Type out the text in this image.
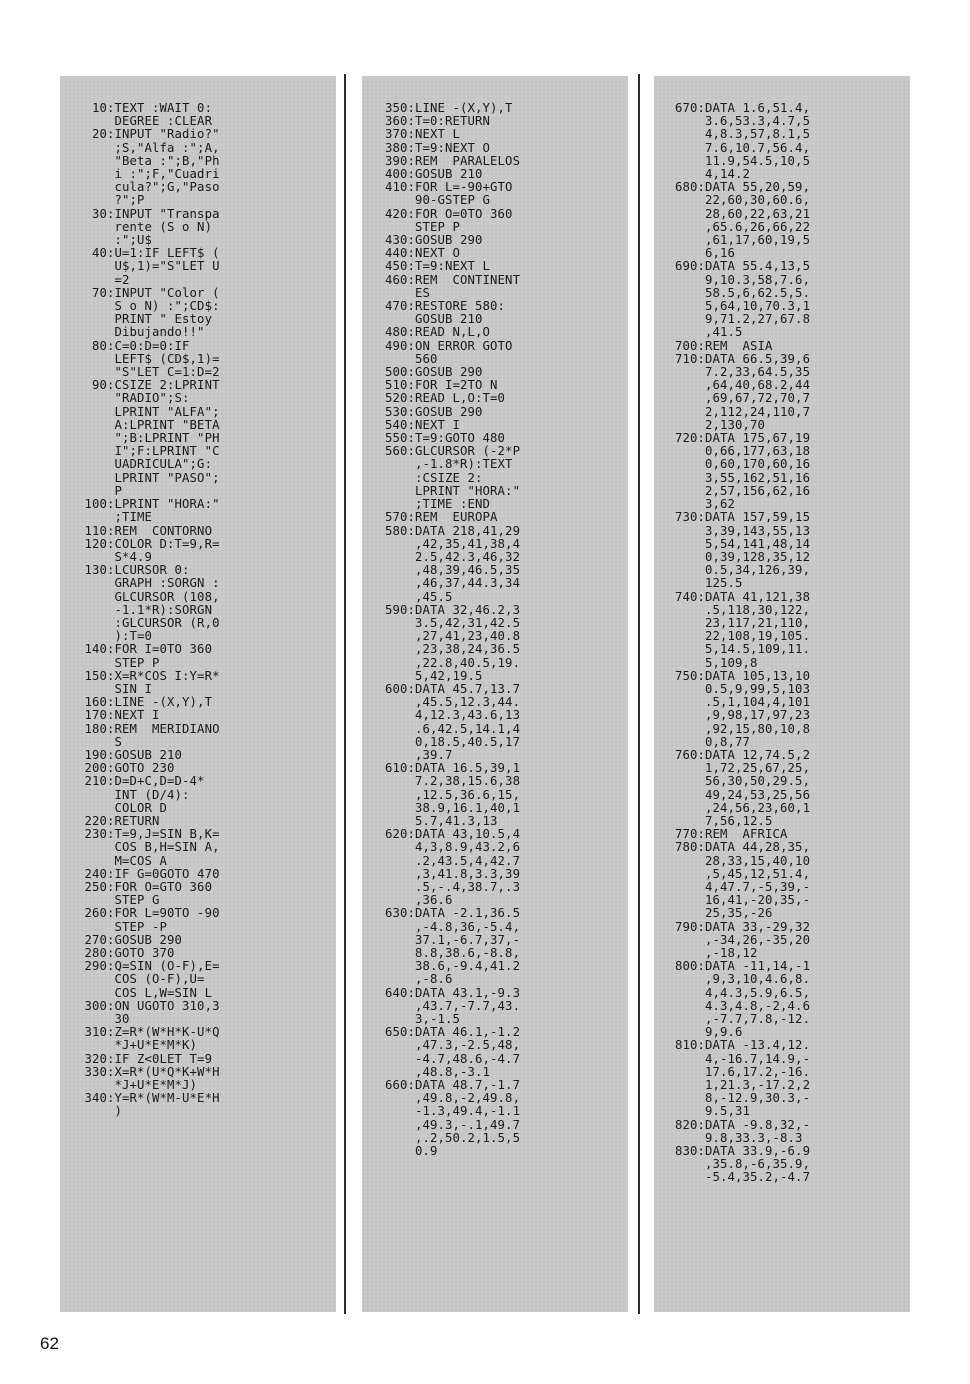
10:TEXT :WAIT 0:
DEGREE :CLEAR
20:INPUT "Radio?"
;S,"Alfa :";A,
"Beta :";B,"Ph
i :";F,"Cuadri
cula?";G,"Paso
?";P
30:INPUT "Transpa
rente (S o N)
:";U$
40:U=1:IF LEFT$ (
U$,1)="S"LET U
=2
70:INPUT "Color (
S o N) :";CD$:
PRINT " Estoy
Dibujando!!"
80:C=0:D=0:IF
LEFT$ (CD$,1)=
"S"LET C=1:D=2
90:CSIZE 2:LPRINT
"RADIO";S:
LPRINT "ALFA";
A:LPRINT "BETA
";B:LPRINT "PH
I";F:LPRINT "C
UADRICULA";G:
LPRINT "PASO";
P
100:LPRINT "HORA:"
;TIME
110:REM  CONTORNO
120:COLOR D:T=9,R=
S*4.9
130:LCURSOR 0:
GRAPH :SORGN :
GLCURSOR (108,
-1.1*R):SORGN
:GLCURSOR (R,0
):T=0
140:FOR I=0TO 360
STEP P
150:X=R*COS I:Y=R*
SIN I
160:LINE -(X,Y),T
170:NEXT I
180:REM  MERIDIANO
S
190:GOSUB 210
200:GOTO 230
210:D=D+C,D=D-4*
INT (D/4):
COLOR D
220:RETURN
230:T=9,J=SIN B,K=
COS B,H=SIN A,
M=COS A
240:IF G=0GOTO 470
250:FOR O=GTO 360
STEP G
260:FOR L=90TO -90
STEP -P
270:GOSUB 290
280:GOTO 370
290:Q=SIN (O-F),E=
COS (O-F),U=
COS L,W=SIN L
300:ON UGOTO 310,3
30
310:Z=R*(W*H*K-U*Q
*J+U*E*M*K)
320:IF Z<0LET T=9
330:X=R*(U*Q*K+W*H
*J+U*E*M*J)
340:Y=R*(W*M-U*E*H
)
350:LINE -(X,Y),T
360:T=0:RETURN
370:NEXT L
380:T=9:NEXT O
390:REM  PARALELOS
400:GOSUB 210
410:FOR L=-90+GTO
90-GSTEP G
420:FOR O=0TO 360
STEP P
430:GOSUB 290
440:NEXT O
450:T=9:NEXT L
460:REM  CONTINENT
ES
470:RESTORE 580:
GOSUB 210
480:READ N,L,O
490:ON ERROR GOTO
560
500:GOSUB 290
510:FOR I=2TO N
520:READ L,O:T=0
530:GOSUB 290
540:NEXT I
550:T=9:GOTO 480
560:GLCURSOR (-2*P
,-1.8*R):TEXT
:CSIZE 2:
LPRINT "HORA:"
;TIME :END
570:REM  EUROPA
580:DATA 218,41,29
,42,35,41,38,4
2.5,42.3,46,32
,48,39,46.5,35
,46,37,44.3,34
,45.5
590:DATA 32,46.2,3
3.5,42,31,42.5
,27,41,23,40.8
,23,38,24,36.5
,22.8,40.5,19.
5,42,19.5
600:DATA 45.7,13.7
,45.5,12.3,44.
4,12.3,43.6,13
.6,42.5,14.1,4
0,18.5,40.5,17
,39.7
610:DATA 16.5,39,1
7.2,38,15.6,38
,12.5,36.6,15,
38.9,16.1,40,1
5.7,41.3,13
620:DATA 43,10.5,4
4,3,8.9,43.2,6
.2,43.5,4,42.7
,3,41.8,3.3,39
.5,-.4,38.7,.3
,36.6
630:DATA -2.1,36.5
,-4.8,36,-5.4,
37.1,-6.7,37,-
8.8,38.6,-8.8,
38.6,-9.4,41.2
,-8.6
640:DATA 43.1,-9.3
,43.7,-7.7,43.
3,-1.5
650:DATA 46.1,-1.2
,47.3,-2.5,48,
-4.7,48.6,-4.7
,48.8,-3.1
660:DATA 48.7,-1.7
,49.8,-2,49.8,
-1.3,49.4,-1.1
,49.3,-.1,49.7
,.2,50.2,1.5,5
0.9
670:DATA 1.6,51.4,
3.6,53.3,4.7,5
4,8.3,57,8.1,5
7.6,10.7,56.4,
11.9,54.5,10,5
4,14.2
680:DATA 55,20,59,
22,60,30,60.6,
28,60,22,63,21
,65.6,26,66,22
,61,17,60,19,5
6,16
690:DATA 55.4,13,5
9,10.3,58,7.6,
58.5,6,62.5,5.
5,64,10,70.3,1
9,71.2,27,67.8
,41.5
700:REM  ASIA
710:DATA 66.5,39,6
7.2,33,64.5,35
,64,40,68.2,44
,69,67,72,70,7
2,112,24,110,7
2,130,70
720:DATA 175,67,19
0,66,177,63,18
0,60,170,60,16
3,55,162,51,16
2,57,156,62,16
3,62
730:DATA 157,59,15
3,39,143,55,13
5,54,141,48,14
0,39,128,35,12
0.5,34,126,39,
125.5
740:DATA 41,121,38
.5,118,30,122,
23,117,21,110,
22,108,19,105.
5,14.5,109,11.
5,109,8
750:DATA 105,13,10
0.5,9,99,5,103
.5,1,104,4,101
,9,98,17,97,23
,92,15,80,10,8
0,8,77
760:DATA 12,74.5,2
1,72,25,67,25,
56,30,50,29.5,
49,24,53,25,56
,24,56,23,60,1
7,56,12.5
770:REM  AFRICA
780:DATA 44,28,35,
28,33,15,40,10
,5,45,12,51.4,
4,47.7,-5,39,-
16,41,-20,35,-
25,35,-26
790:DATA 33,-29,32
,-34,26,-35,20
,-18,12
800:DATA -11,14,-1
,9,3,10,4.6,8.
4,4.3,5.9,6.5,
4.3,4.8,-2,4.6
,-7.7,7.8,-12.
9,9.6
810:DATA -13.4,12.
4,-16.7,14.9,-
17.6,17.2,-16.
1,21.3,-17.2,2
8,-12.9,30.3,-
9.5,31
820:DATA -9.8,32,-
9.8,33.3,-8.3
830:DATA 33.9,-6.9
,35.8,-6,35.9,
-5.4,35.2,-4.7
62
